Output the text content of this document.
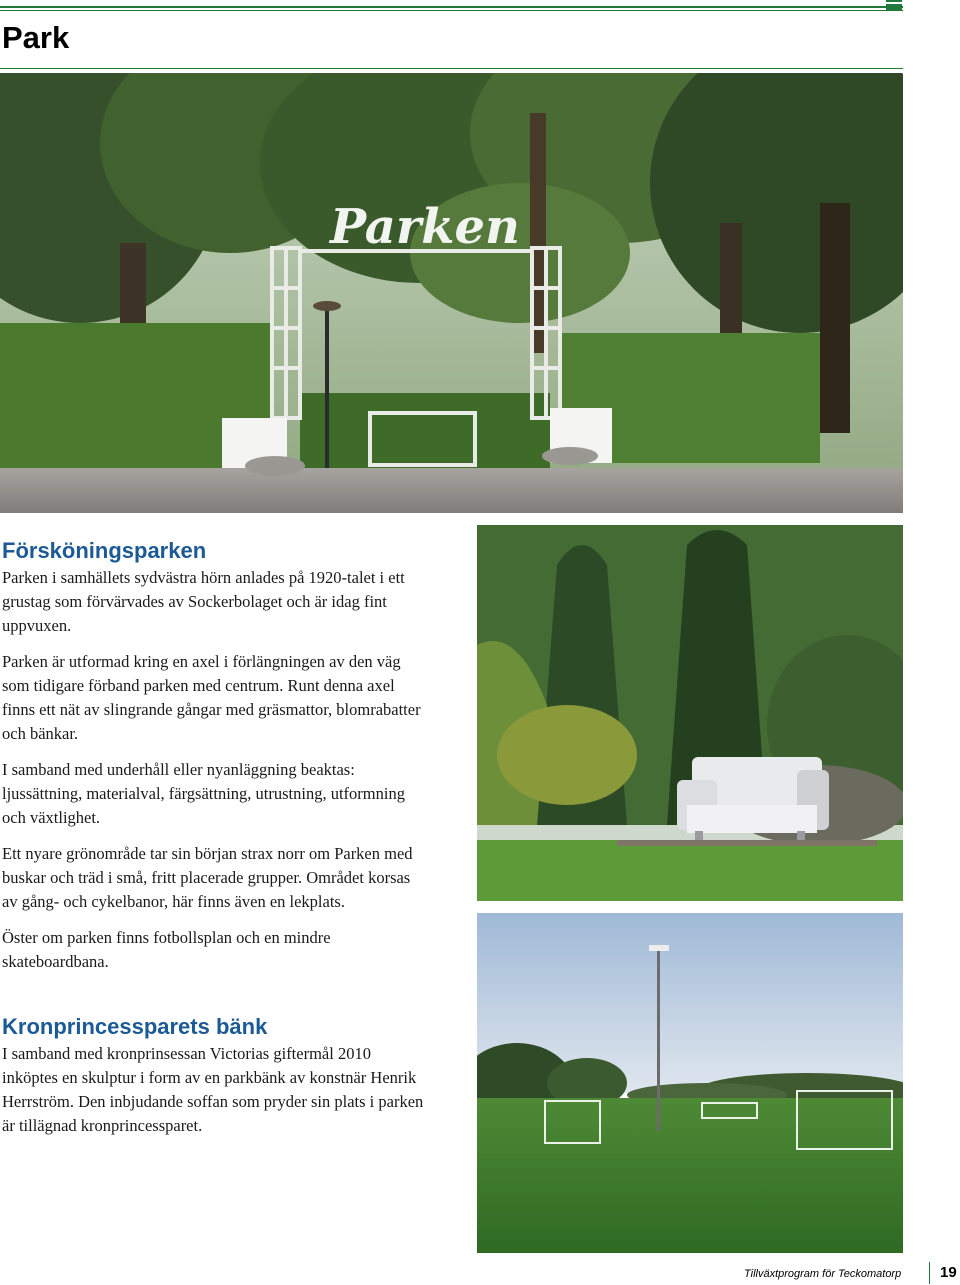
Park
Parken
Försköningsparken

Parken i samhällets sydvästra hörn anlades på 1920-talet i ett grustag som förvärvades av Sockerbolaget och är idag fint uppvuxen.

Parken är utformad kring en axel i förlängningen av den väg som tidigare förband parken med centrum. Runt denna axel finns ett nät av slingrande gångar med gräsmattor, blomrabatter och bänkar.

I samband med underhåll eller nyanläggning beaktas: ljussättning, materialval, färgsättning, utrustning, utformning och växtlighet.

Ett nyare grönområde tar sin början strax norr om Parken med buskar och träd i små, fritt placerade grupper. Området korsas av gång- och cykelbanor, här finns även en lekplats.

Öster om parken finns fotbollsplan och en mindre skateboardbana.

Kronprincessparets bänk

I samband med kronprinsessan Victorias giftermål 2010 inköptes en skulptur i form av en parkbänk av konstnär Henrik Herrström. Den inbjudande soffan som pryder sin plats i parken är tillägnad kronprincessparet.

Tillväxtprogram för Teckomatorp	19
